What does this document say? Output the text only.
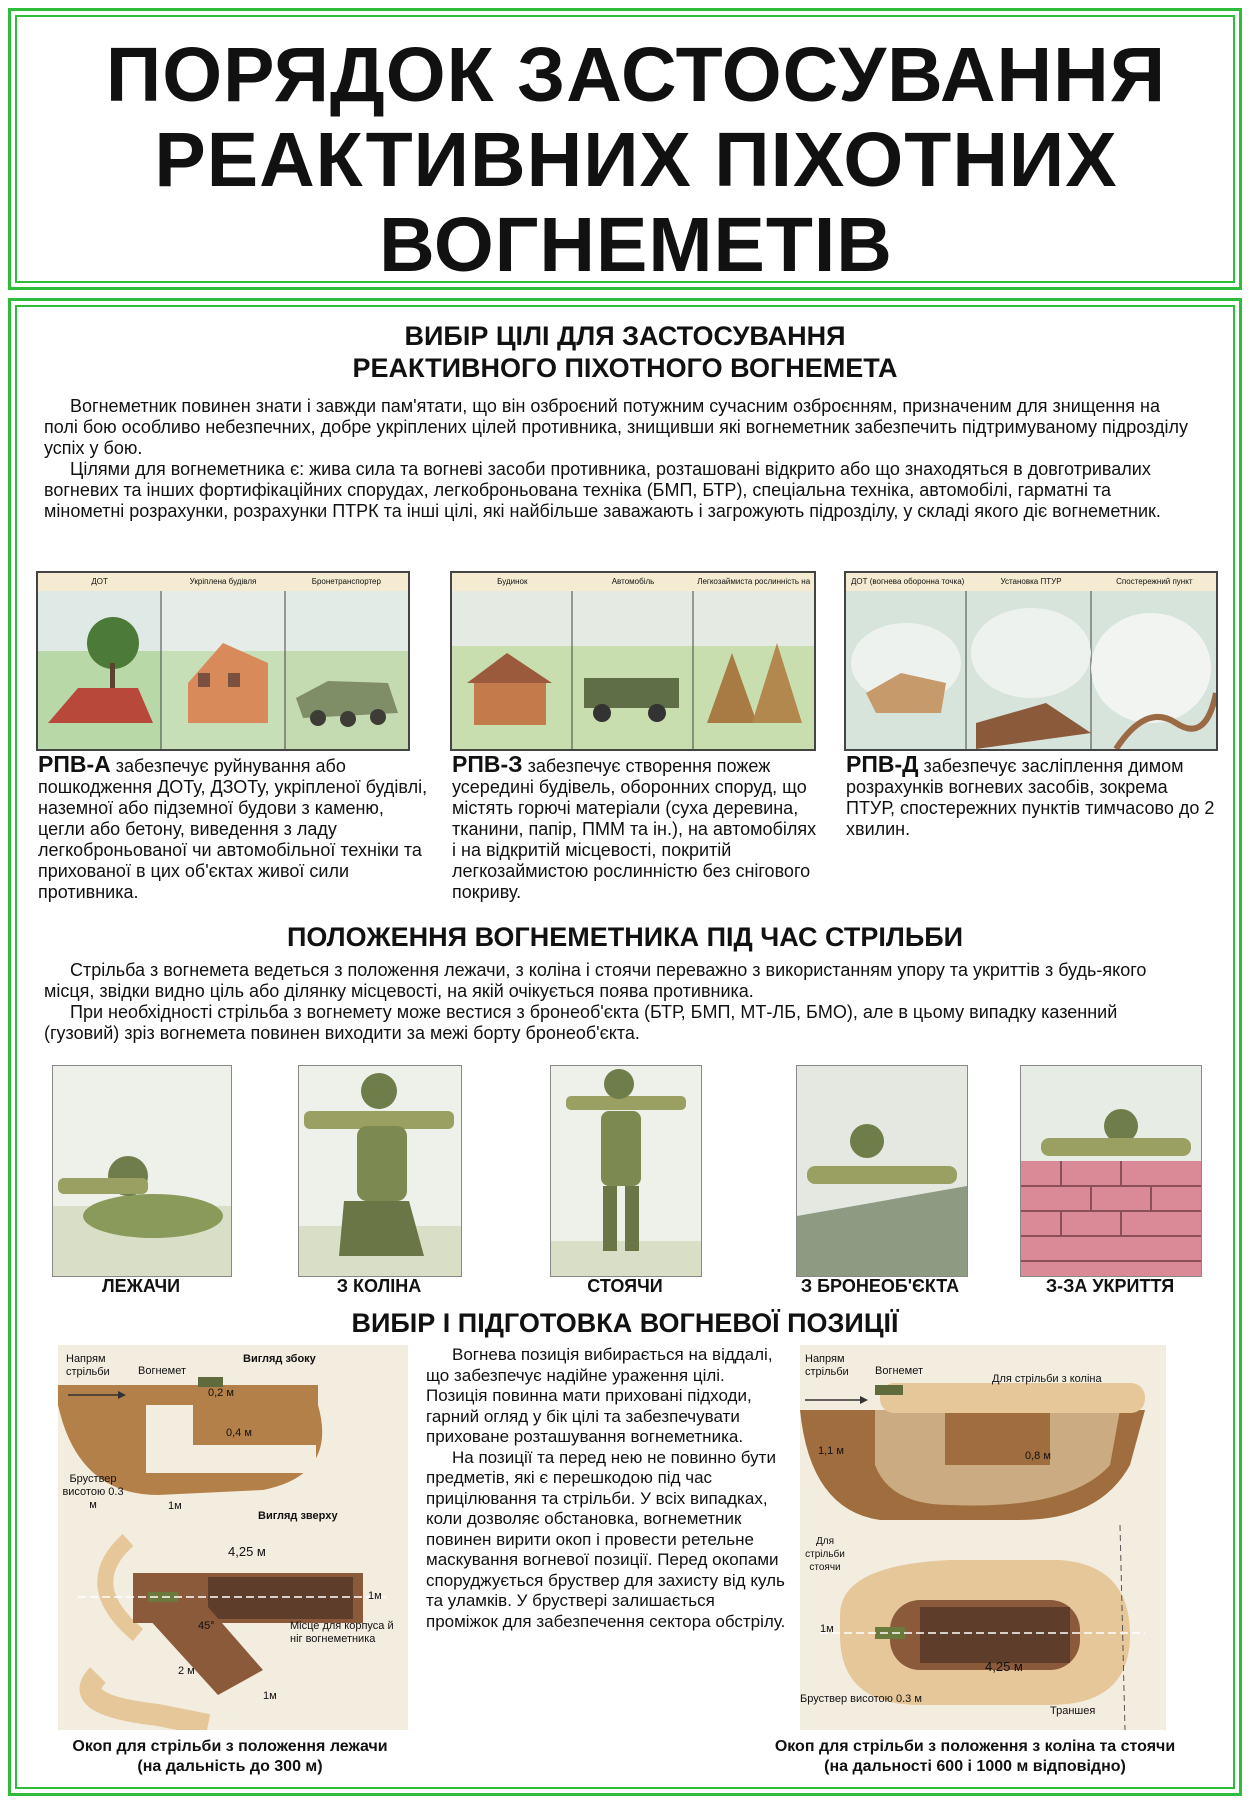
ПОРЯДОК ЗАСТОСУВАННЯ
РЕАКТИВНИХ ПІХОТНИХ
ВОГНЕМЕТІВ
ВИБІР ЦІЛІ ДЛЯ ЗАСТОСУВАННЯ
РЕАКТИВНОГО ПІХОТНОГО ВОГНЕМЕТА

Вогнеметник повинен знати і завжди пам'ятати, що він озброєний потужним сучасним озброєнням, призначеним для знищення на полі бою особливо небезпечних, добре укріплених цілей противника, знищивши які вогнеметник забезпечить підтримуваному підрозділу успіх у бою.

Цілями для вогнеметника є: жива сила та вогневі засоби противника, розташовані відкрито або що знаходяться в довготривалих вогневих та інших фортифікаційних спорудах, легкоброньована техніка (БМП, БТР), спеціальна техніка, автомобілі, гарматні та мінометні розрахунки, розрахунки ПТРК та інші цілі, які найбільше заважають і загрожують підрозділу, у складі якого діє вогнеметник.

ДОТ	Укріплена будівля	Бронетранспортер	Будинок	Автомобіль	Легкозаймиста рослинність на	ДОТ (вогнева оборонна точка)	Установка ПТУР	Спостережний пункт
РПВ-А забезпечує руйнування або пошкодження ДОТу, ДЗОТу, укріпленої будівлі, наземної або підземної будови з каменю, цегли або бетону, виведення з ладу легкоброньованої чи автомобільної техніки та прихованої в цих об'єктах живої сили противника.
РПВ-З забезпечує створення пожеж усередині будівель, оборонних споруд, що містять горючі матеріали (суха деревина, тканини, папір, ПММ та ін.), на автомобілях і на відкритій місцевості, покритій легкозаймистою рослинністю без снігового покриву.
РПВ-Д забезпечує засліплення димом розрахунків вогневих засобів, зокрема ПТУР, спостережних пунктів тимчасово до 2 хвилин.
ПОЛОЖЕННЯ ВОГНЕМЕТНИКА ПІД ЧАС СТРІЛЬБИ

Стрільба з вогнемета ведеться з положення лежачи, з коліна і стоячи переважно з використанням упору та укриттів з будь-якого місця, звідки видно ціль або ділянку місцевості, на якій очікується поява противника.

При необхідності стрільба з вогнемету може вестися з бронеоб'єкта (БТР, БМП, МТ-ЛБ, БМО), але в цьому випадку казенний (гузовий) зріз вогнемета повинен виходити за межі борту бронеоб'єкта.

ЛЕЖАЧИ	З КОЛІНА	СТОЯЧИ	З БРОНЕОБ'ЄКТА	З-ЗА УКРИТТЯ
ВИБІР І ПІДГОТОВКА ВОГНЕВОЇ ПОЗИЦІЇ

Вогнева позиція вибирається на віддалі, що забезпечує надійне ураження цілі. Позиція повинна мати приховані підходи, гарний огляд у бік цілі та забезпечувати приховане розташування вогнеметника.

На позиції та перед нею не повинно бути предметів, які є перешкодою під час прицілювання та стрільби. У всіх випадках, коли дозволяє обстановка, вогнеметник повинен вирити окоп і провести ретельне маскування вогневої позиції. Перед окопами споруджується бруствер для захисту від куль та уламків. У бруствері залишається проміжок для забезпечення сектора обстрілу.

Напрям стрільби	Вогнемет
Вигляд збоку
0,2 м
0,4 м
Бруствер висотою 0.3 м	1м
Вигляд зверху
4,25 м
1м
45°	Місце для корпуса й ніг вогнеметника
2 м
1м
Окоп для стрільби з положення лежачи
(на дальність до 300 м)
Напрям стрільби	Вогнемет
Для стрільби з коліна
1,1 м	0,8 м
Для стрільби стоячи
1м
4,25 м
Бруствер висотою 0.3 м
Траншея
Окоп для стрільби з положення з коліна та стоячи
(на дальності 600 і 1000 м відповідно)
